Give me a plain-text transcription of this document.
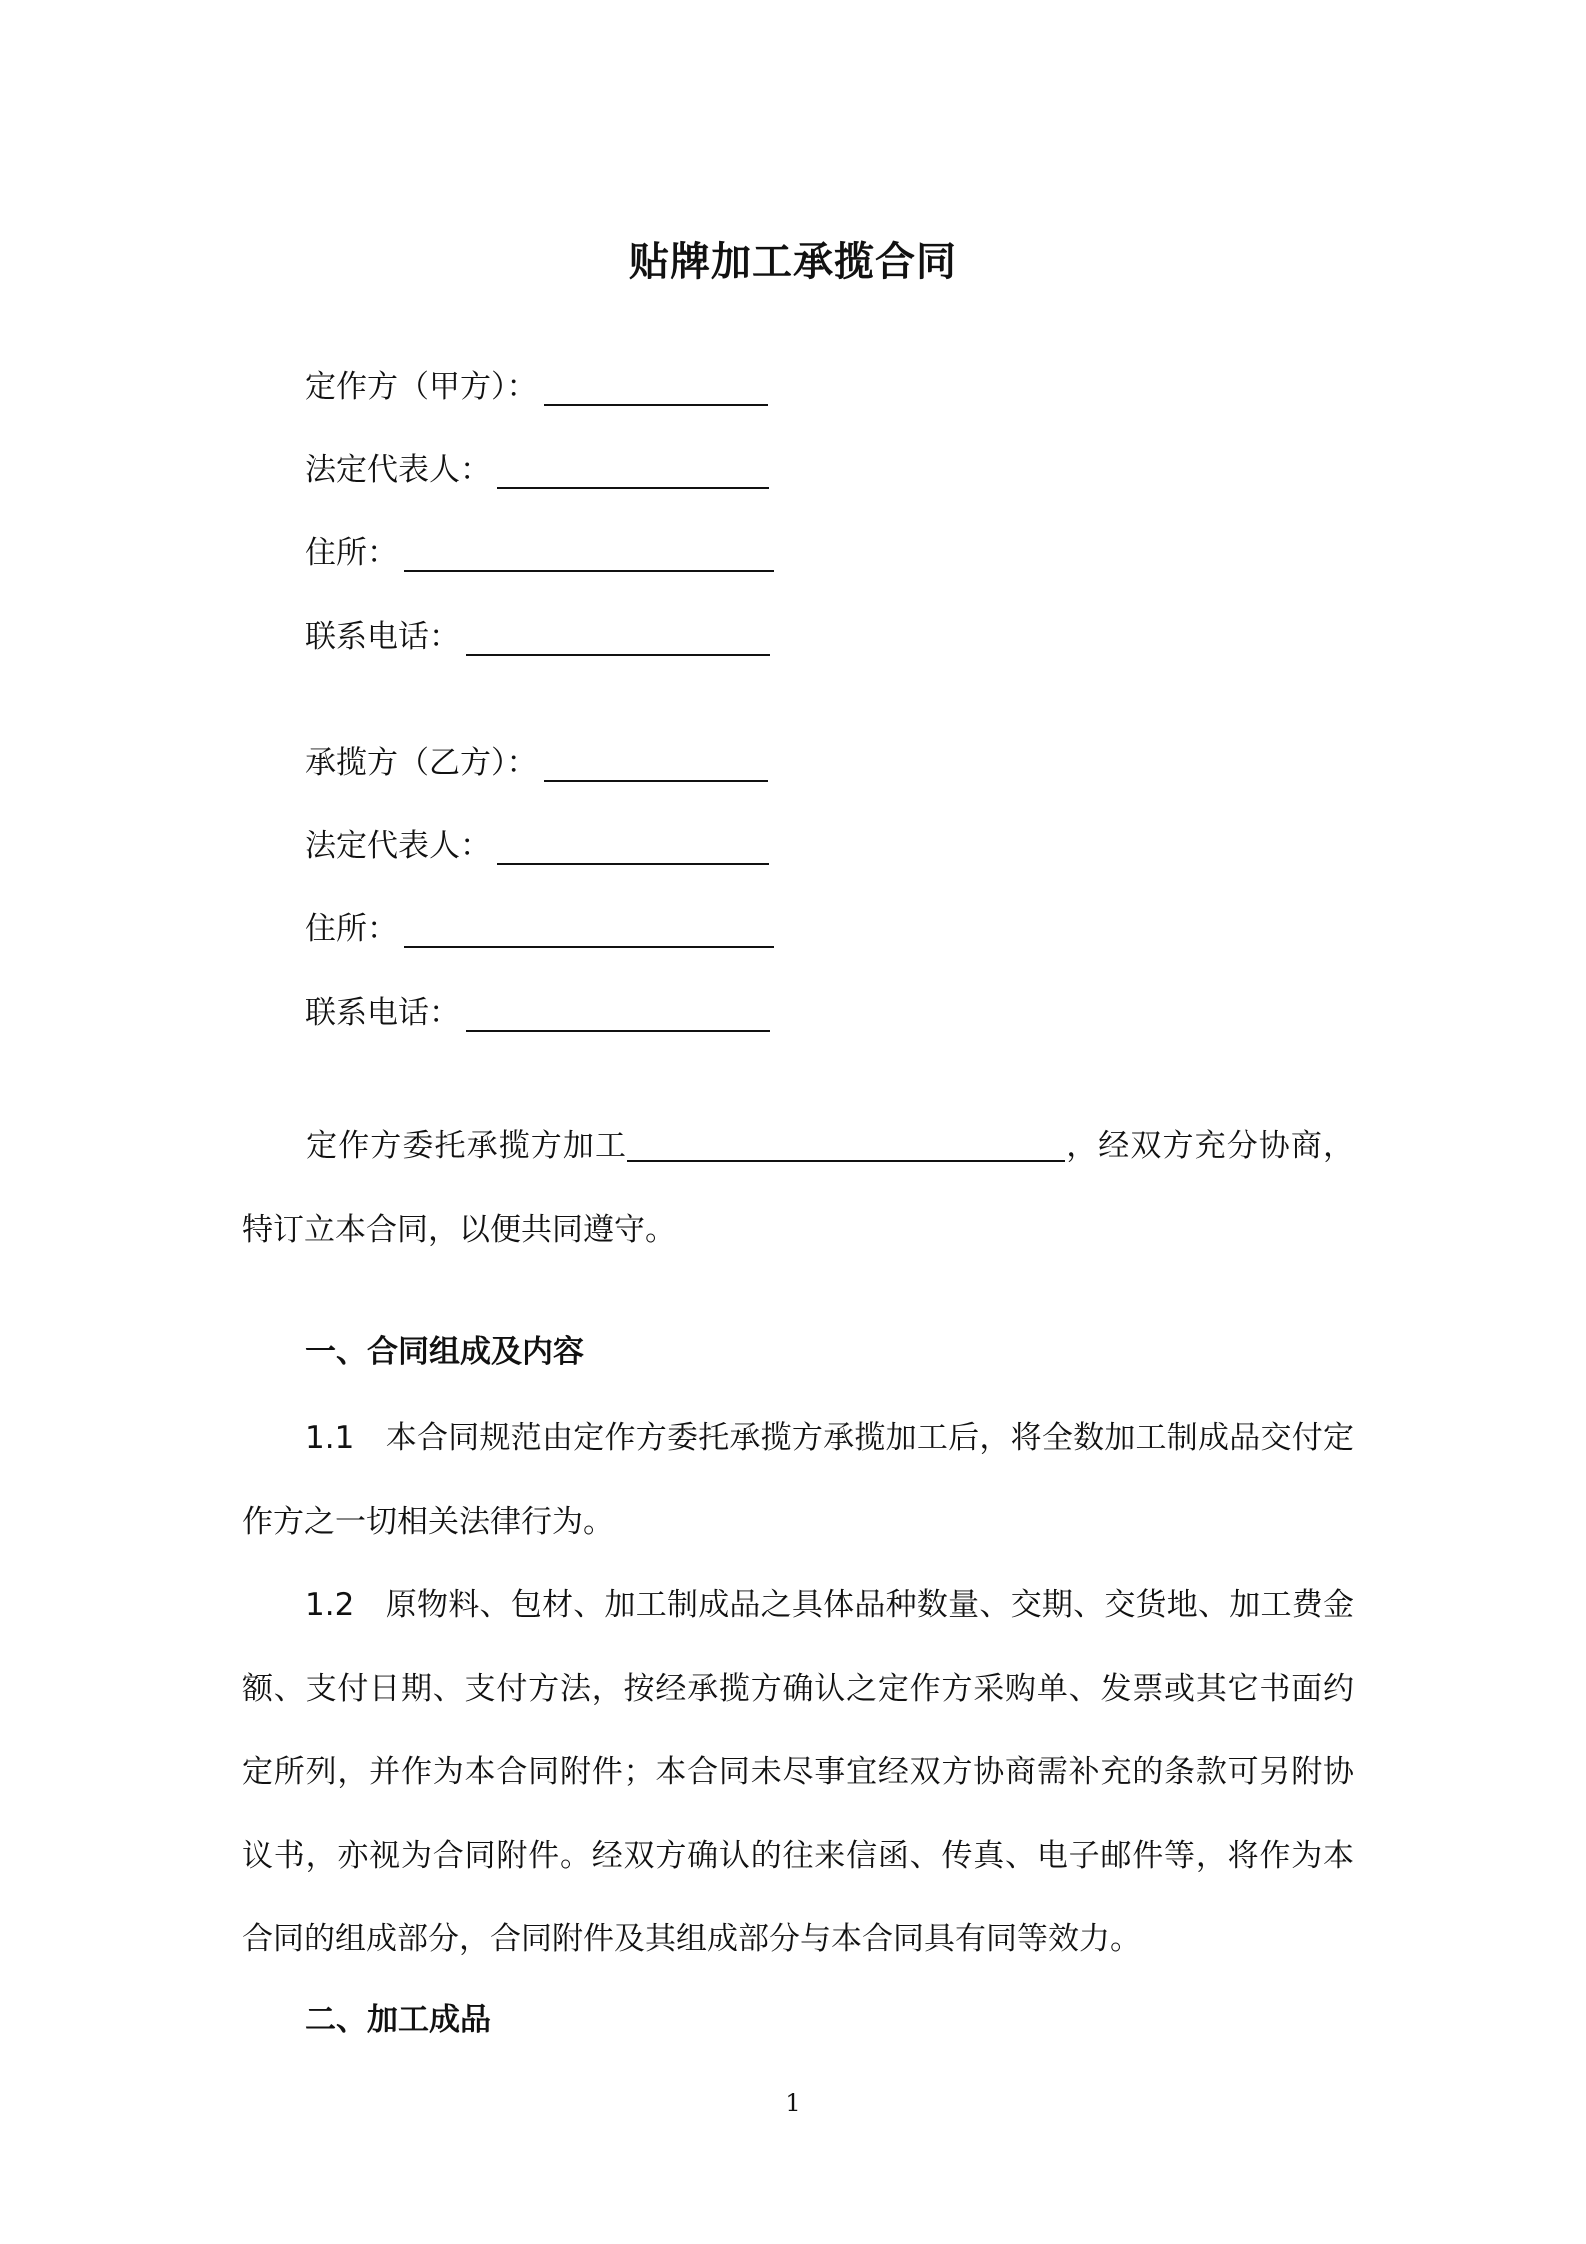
贴牌加工承揽合同
定作方（甲方）：
法定代表人：
住所：
联系电话：
承揽方（乙方）：
法定代表人：
住所：
联系电话：
定作方委托承揽方加工	，经双方充分协商，特订立本合同，以便共同遵守。
一、合同组成及内容
1.1　本合同规范由定作方委托承揽方承揽加工后，将全数加工制成品交付定作方之一切相关法律行为。
1.2　原物料、包材、加工制成品之具体品种数量、交期、交货地、加工费金额、支付日期、支付方法，按经承揽方确认之定作方采购单、发票或其它书面约定所列，并作为本合同附件；本合同未尽事宜经双方协商需补充的条款可另附协议书，亦视为合同附件。经双方确认的往来信函、传真、电子邮件等，将作为本合同的组成部分，合同附件及其组成部分与本合同具有同等效力。
二、加工成品
1
